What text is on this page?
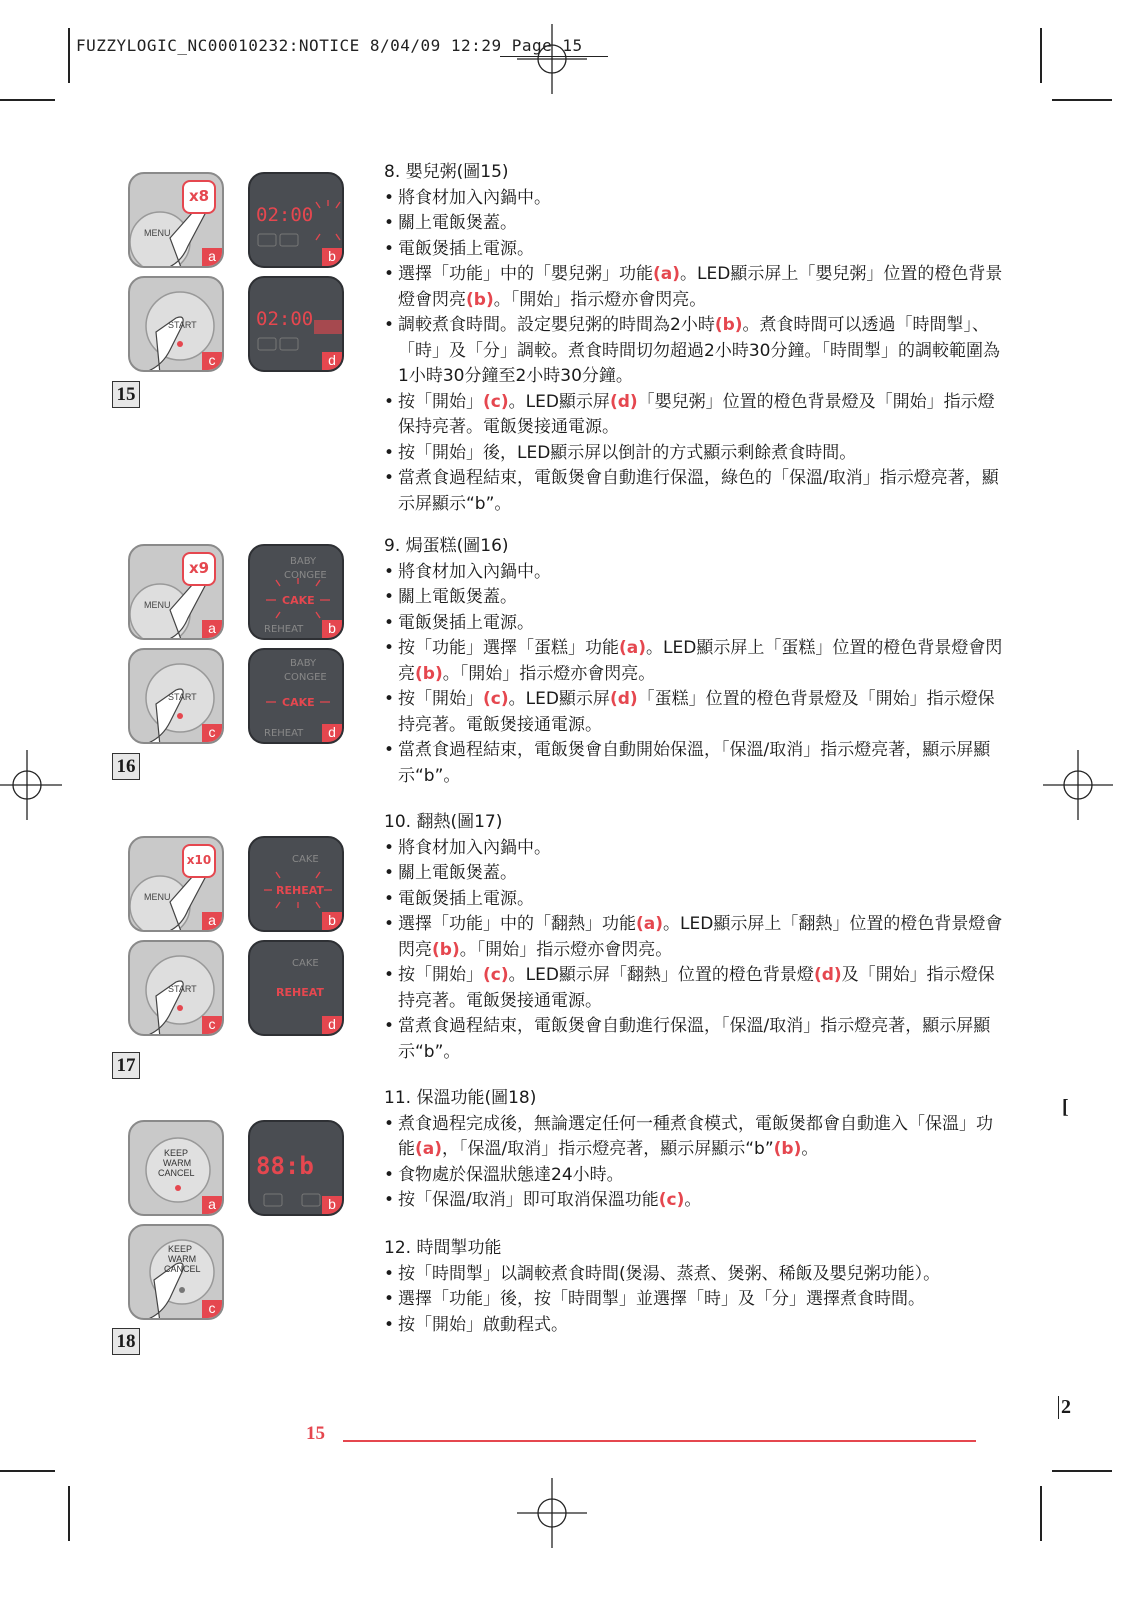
FUZZYLOGIC_NC00010232:NOTICE 8/04/09 12:29 Page 15
MENU
x8
a
02:00
b
START
c
02:00
d
15
MENU
x9
a
BABY
CONGEE
CAKE
REHEAT	b
START
c
BABY
CONGEE
CAKE
REHEAT	d
16
MENU
x10
a
CAKE
REHEAT
b
START
c
CAKE
REHEAT
d
17
KEEP
WARM
CANCEL
a
88:b
b
KEEP
WARM
CANCEL
c
18
8. 嬰兒粥(圖15)
• 將食材加入內鍋中。
• 關上電飯煲蓋。
• 電飯煲插上電源。
• 選擇「功能」中的「嬰兒粥」功能(a)。LED顯示屏上「嬰兒粥」位置的橙色背景燈會閃亮(b)。「開始」指示燈亦會閃亮。
• 調較煮食時間。設定嬰兒粥的時間為2小時(b)。煮食時間可以透過「時間掣」、「時」及「分」調較。煮食時間切勿超過2小時30分鐘。「時間掣」的調較範圍為1小時30分鐘至2小時30分鐘。
• 按「開始」(c)。LED顯示屏(d)「嬰兒粥」位置的橙色背景燈及「開始」指示燈保持亮著。電飯煲接通電源。
• 按「開始」後，LED顯示屏以倒計的方式顯示剩餘煮食時間。
• 當煮食過程結束，電飯煲會自動進行保溫，綠色的「保溫/取消」指示燈亮著，顯示屏顯示“b”。
9. 焗蛋糕(圖16)
• 將食材加入內鍋中。
• 關上電飯煲蓋。
• 電飯煲插上電源。
• 按「功能」選擇「蛋糕」功能(a)。LED顯示屏上「蛋糕」位置的橙色背景燈會閃亮(b)。「開始」指示燈亦會閃亮。
• 按「開始」(c)。LED顯示屏(d)「蛋糕」位置的橙色背景燈及「開始」指示燈保持亮著。電飯煲接通電源。
• 當煮食過程結束，電飯煲會自動開始保溫，「保溫/取消」指示燈亮著，顯示屏顯示“b”。
10. 翻熱(圖17)
• 將食材加入內鍋中。
• 關上電飯煲蓋。
• 電飯煲插上電源。
• 選擇「功能」中的「翻熱」功能(a)。LED顯示屏上「翻熱」位置的橙色背景燈會閃亮(b)。「開始」指示燈亦會閃亮。
• 按「開始」(c)。LED顯示屏「翻熱」位置的橙色背景燈(d)及「開始」指示燈保持亮著。電飯煲接通電源。
• 當煮食過程結束，電飯煲會自動進行保溫，「保溫/取消」指示燈亮著，顯示屏顯示“b”。
11. 保溫功能(圖18)
• 煮食過程完成後，無論選定任何一種煮食模式，電飯煲都會自動進入「保溫」功能(a)，「保溫/取消」指示燈亮著，顯示屏顯示“b”(b)。
• 食物處於保溫狀態達24小時。
• 按「保溫/取消」即可取消保溫功能(c)。
12. 時間掣功能
• 按「時間掣」以調較煮食時間(煲湯、蒸煮、煲粥、稀飯及嬰兒粥功能）。
• 選擇「功能」後，按「時間掣」並選擇「時」及「分」選擇煮食時間。
• 按「開始」啟動程式。
15
[
2
